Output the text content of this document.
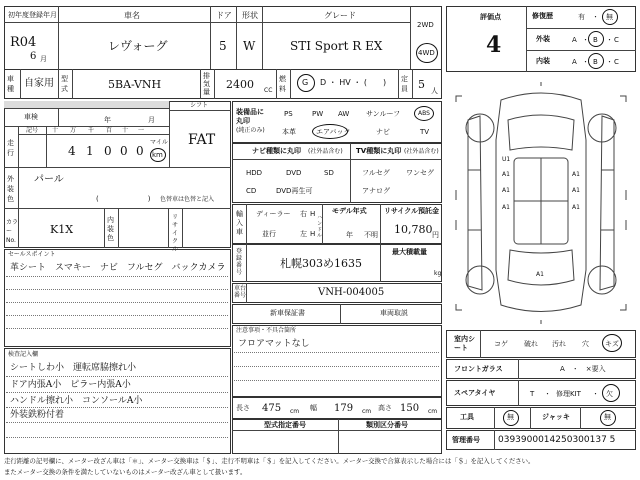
初年度登録年月
R04
6 月
車名
レヴォーグ
ドア
5
形状
W
グレード
STI Sport R EX
2WD
4WD
車種 自家用 型式	5BA-VNH
排気量
2400 CC
燃料
G D ・ HV ・ (　　) 定員 5 人
シフト
FAT
車検	年	月
走行
記号 十 万 千 百 十 一
4 1 0 0 0
マイル
km
外装色
パール
(　　　　　　　) 色替車は色替と記入
カラーNo.
K1X
内装色
リサイクル
セールスポイント
革シート　スマキー　ナビ　フルセグ　バックカメラ
検査記入欄
シートしわ小　運転席脇擦れ小
ドア内張A小　ピラー内張A小
ハンドル擦れ小　コンソールA小
外装鉄粉付着
装備品に丸印
(純正のみ)
PS	PW AW サンルーフ	ABS
本革	エアバック	ナビ	TV
ナビ種類に丸印 (社外品含む) TV種類に丸印 (社外品含む)
HDD	DVD	SD
CD	DVD再生可
フルセグ ワンセグ
アナログ
輸入車
ディーラー
並行
右 H
左 H
ハンドル
モデル年式
年 不明
リサイクル預託金
10,780 円
登録番号
札幌303め1635
最大積載量
kg
車台番号	VNH-004005
新車保証書	車両取説
注意事項・不具合箇所
フロアマットなし
長さ 475 cm 幅 179 cm 高さ 150 cm
型式指定番号	類別区分番号
評価点
4
修復歴	有 ・ 無
外装	A ・ B ・ C
内装	A ・ B ・ C
U1
A1
A1
A1
A1
A1
A1
A1
室内シート	コゲ 破れ 汚れ 穴 キズ
フロントガラス	A　・　×要入
スペアタイヤ	T ・ 修理KIT ・ 欠
工具	無	ジャッキ	無
管理番号 0393900014250300137 5
走行距離の記号欄に、メーター改ざん車は「＊」、メーター交換車は「＄」、走行不明車は「＄」を記入してください。メーター交換で合算表示した場合には「＄」を記入してください。
またメーター交換の条件を満たしていないものはメーター改ざん車として扱います。
